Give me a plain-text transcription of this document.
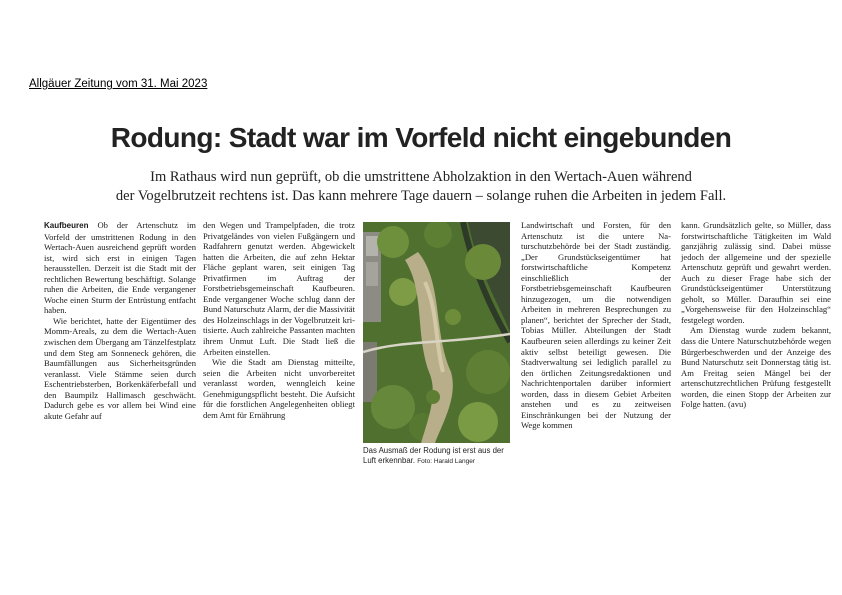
Allgäuer Zeitung vom 31. Mai 2023

Rodung: Stadt war im Vorfeld nicht eingebunden
Im Rathaus wird nun geprüft, ob die umstrittene Abholzaktion in den Wertach-Auen während
der Vogelbrutzeit rechtens ist. Das kann mehrere Tage dauern – solange ruhen die Arbeiten in jedem Fall.

Kaufbeuren Ob der Artenschutz im Vorfeld der umstrittenen Rodung in den Wertach-Auen ausreichend geprüft worden ist, wird sich erst in einigen Tagen herausstellen. Derzeit ist die Stadt mit der rechtlichen Bewertung beschäftigt. Solange ruhen die Arbeiten, die Ende vergangener Woche einen Sturm der Entrüstung entfacht haben.

Wie berichtet, hatte der Eigentümer des Momm-Areals, zu dem die Wertach-Auen zwischen dem Übergang am Tänzelfestplatz und dem Steg am Sonneneck gehören, die Baumfällungen aus Sicherheitsgründen veranlasst. Viele Stämme seien durch Eschentriebsterben, Borkenkäferbefall und den Baumpilz Hallimasch geschwächt. Dadurch gebe es vor allem bei Wind eine akute Gefahr auf

den Wegen und Trampelpfaden, die trotz Privatgeländes von vielen Fußgängern und Radfahrern genutzt werden. Abgewickelt hatten die Arbeiten, die auf zehn Hektar Fläche geplant waren, seit einigen Tag Privatfirmen im Auftrag der Forstbetriebsgemeinschaft Kaufbeuren. Ende vergangener Woche schlug dann der Bund Naturschutz Alarm, der die Massivität des Holzeinschlags in der Vogelbrutzeit kritisierte. Auch zahlreiche Passanten machten ihrem Unmut Luft. Die Stadt ließ die Arbeiten einstellen.

Wie die Stadt am Dienstag mitteilte, seien die Arbeiten nicht unvorbereitet veranlasst worden, wenngleich keine Genehmigungspflicht besteht. Die Aufsicht für die forstlichen Angelegenheiten obliegt dem Amt für Ernährung

Das Ausmaß der Rodung ist erst aus der Luft erkennbar. Foto: Harald Langer

Landwirtschaft und Forsten, für den Artenschutz ist die untere Naturschutzbehörde bei der Stadt zuständig. „Der Grundstückseigentümer hat forstwirtschaftliche Kompetenz einschließlich der Forstbetriebsgemeinschaft Kaufbeuren hinzugezogen, um die notwendigen Arbeiten in mehreren Besprechungen zu planen“, berichtet der Sprecher der Stadt, Tobias Müller. Abteilungen der Stadt Kaufbeuren seien allerdings zu keiner Zeit aktiv selbst beteiligt gewesen. Die Stadtverwaltung sei lediglich parallel zu den örtlichen Zeitungsredaktionen und Nachrichtenportalen darüber informiert worden, dass in diesem Gebiet Arbeiten anstehen und es zu zeitweisen Einschränkungen bei der Nutzung der Wege kommen

kann. Grundsätzlich gelte, so Müller, dass forstwirtschaftliche Tätigkeiten im Wald ganzjährig zulässig sind. Dabei müsse jedoch der allgemeine und der spezielle Artenschutz geprüft und gewahrt werden. Auch zu dieser Frage habe sich der Grundstückseigentümer Unterstützung geholt, so Müller. Daraufhin sei eine „Vorgehensweise für den Holzeinschlag“ festgelegt worden.

Am Dienstag wurde zudem bekannt, dass die Untere Naturschutzbehörde wegen Bürgerbeschwerden und der Anzeige des Bund Naturschutz seit Donnerstag tätig ist. Am Freitag seien Mängel bei der artenschutzrechtlichen Prüfung festgestellt worden, die einen Stopp der Arbeiten zur Folge hatten. (avu)
